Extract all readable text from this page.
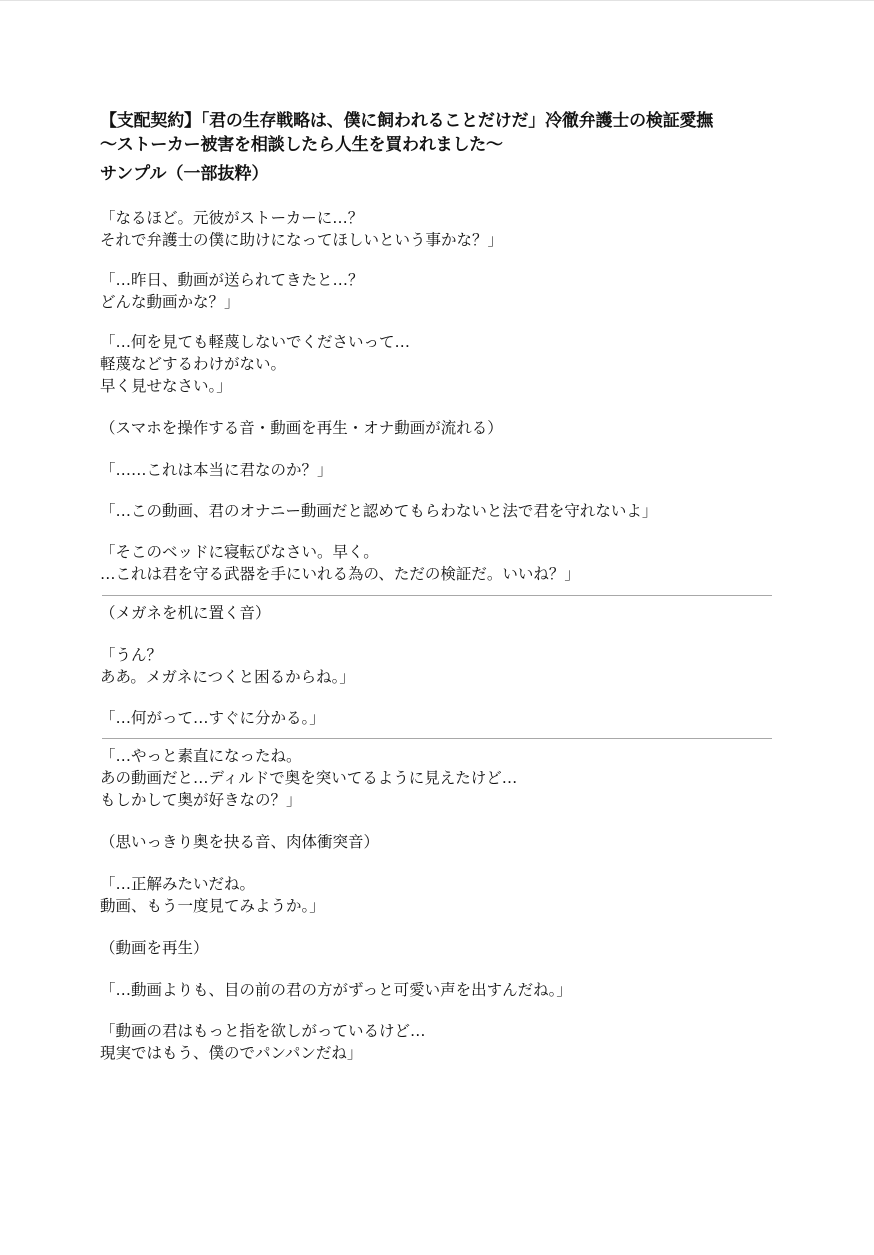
【支配契約】「君の生存戦略は、僕に飼われることだけだ」冷徹弁護士の検証愛撫
〜ストーカー被害を相談したら人生を買われました〜
サンプル（一部抜粋）
「なるほど。元彼がストーカーに…？
それで弁護士の僕に助けになってほしいという事かな？」
「…昨日、動画が送られてきたと…？
どんな動画かな？」
「…何を見ても軽蔑しないでくださいって…
軽蔑などするわけがない。
早く見せなさい。」
（スマホを操作する音・動画を再生・オナ動画が流れる）
「……これは本当に君なのか？」
「…この動画、君のオナニー動画だと認めてもらわないと法で君を守れないよ」
「そこのベッドに寝転びなさい。早く。
…これは君を守る武器を手にいれる為の、ただの検証だ。いいね？」
（メガネを机に置く音）
「うん？
ああ。メガネにつくと困るからね。」
「…何がって…すぐに分かる。」
「…やっと素直になったね。
あの動画だと…ディルドで奥を突いてるように見えたけど…
もしかして奥が好きなの？」
（思いっきり奥を抉る音、肉体衝突音）
「…正解みたいだね。
動画、もう一度見てみようか。」
（動画を再生）
「…動画よりも、目の前の君の方がずっと可愛い声を出すんだね。」
「動画の君はもっと指を欲しがっているけど…
現実ではもう、僕のでパンパンだね」
